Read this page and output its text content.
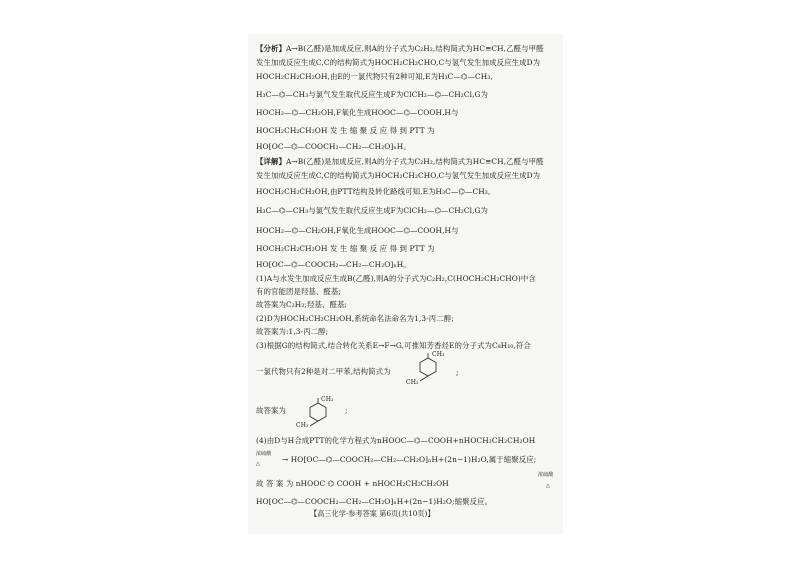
【分析】A→B(乙醛)是加成反应,则A的分子式为C₂H₂,结构简式为HC≡CH,乙醛与甲醛
发生加成反应生成C,C的结构简式为HOCH₂CH₂CHO,C与氢气发生加成反应生成D为
HOCH₂CH₂CH₂OH,由E的一氯代物只有2种可知,E为H₃C—⌬—CH₃,
H₃C—⌬—CH₃与氯气发生取代反应生成F为ClCH₂—⌬—CH₂Cl,G为
HOCH₂—⌬—CH₂OH,F氧化生成HOOC—⌬—COOH,H与
HOCH₂CH₂CH₂OH 发 生 缩 聚 反 应 得 到 PTT 为
HO[OC—⌬—COOCH₂—CH₂—CH₂O]ₙH。
【详解】A→B(乙醛)是加成反应,则A的分子式为C₂H₂,结构简式为HC≡CH,乙醛与甲醛
发生加成反应生成C,C的结构简式为HOCH₂CH₂CHO,C与氢气发生加成反应生成D为
HOCH₂CH₂CH₂OH,由PTT结构及转化路线可知,E为H₃C—⌬—CH₃,
H₃C—⌬—CH₃与氯气发生取代反应生成F为ClCH₂—⌬—CH₂Cl,G为
HOCH₂—⌬—CH₂OH,F氧化生成HOOC—⌬—COOH,H与
HOCH₂CH₂CH₂OH 发 生 缩 聚 反 应 得 到 PTT 为
HO[OC—⌬—COOCH₂—CH₂—CH₂O]ₙH。
(1)A与水发生加成反应生成B(乙醛),则A的分子式为C₂H₂,C(HOCH₂CH₂CHO)中含
有的官能团是羟基、醛基;
故答案为C₂H₂;羟基、醛基;
(2)D为HOCH₂CH₂CH₂OH,系统命名法命名为1,3-丙二醇;
故答案为:1,3-丙二醇;
(3)根据G的结构简式,结合转化关系E→F→G,可推知芳香烃E的分子式为C₈H₁₀,符合
一氯代物只有2种是对二甲苯,结构简式为
CH₃
CH₃
;
故答案为
CH₃
CH₃
;
(4)由D与H合成PTT的化学方程式为nHOOC—⌬—COOH+nHOCH₂CH₂CH₂OH
浓硫酸
△	→ HO[OC—⌬—COOCH₂—CH₂—CH₂O]ₙH+(2n−1)H₂O,属于缩聚反应;
故 答 案 为 nHOOC ⌬ COOH + nHOCH₂CH₂CH₂OH
浓硫酸
△
HO[OC—⌬—COOCH₂—CH₂—CH₂O]ₙH+(2n−1)H₂O;缩聚反应。
【高三化学·参考答案 第6页(共10页)】
